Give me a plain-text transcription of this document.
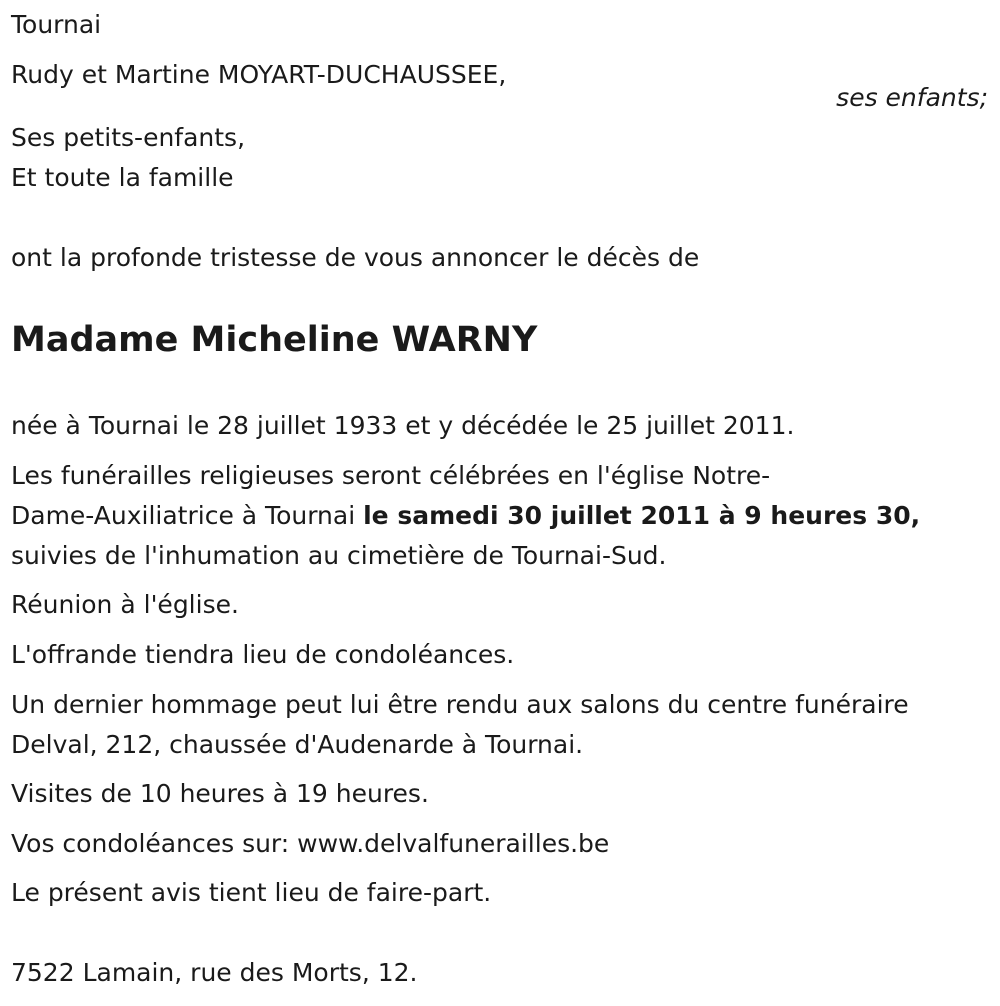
Tournai
Rudy et Martine MOYART-DUCHAUSSEE,
ses enfants;
Ses petits-enfants,
Et toute la famille
ont la profonde tristesse de vous annoncer le décès de
Madame Micheline WARNY
née à Tournai le 28 juillet 1933 et y décédée le 25 juillet 2011.
Les funérailles religieuses seront célébrées en l'église Notre-
Dame-Auxiliatrice à Tournai le samedi 30 juillet 2011 à 9 heures 30,
suivies de l'inhumation au cimetière de Tournai-Sud.
Réunion à l'église.
L'offrande tiendra lieu de condoléances.
Un dernier hommage peut lui être rendu aux salons du centre funéraire
Delval, 212, chaussée d'Audenarde à Tournai.
Visites de 10 heures à 19 heures.
Vos condoléances sur: www.delvalfunerailles.be
Le présent avis tient lieu de faire-part.
7522 Lamain, rue des Morts, 12.
